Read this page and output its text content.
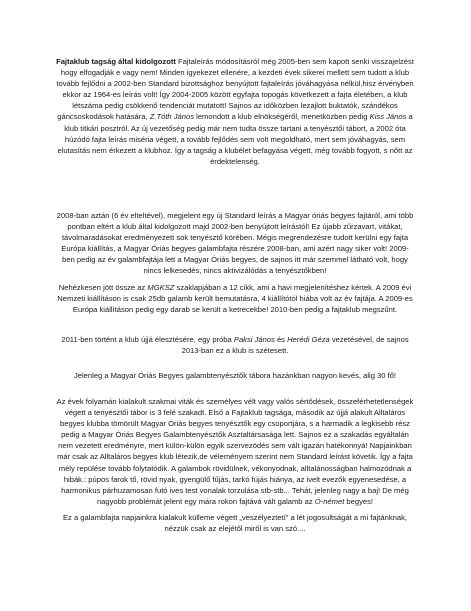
Fajtaklub tagság által kidolgozott Fajtaleírás módosításról még 2005-ben sem kapott senki visszajelzést hogy elfogadják e vagy nem! Minden igyekezet ellenére, a kezdeti évek sikerei mellett sem tudott a klub tovább fejlődni a 2002-ben Standard bizottsághoz benyújtott fajtaleírás jóváhagyása nélkül,hisz érvényben ekkor az 1964-es leírás volt! Így 2004-2005 között egyfajta topogás következett a fajta életében, a klub létszáma pedig csökkenő tendenciát mutatott! Sajnos az időközben lezajlott buktatók, szándékos gáncsoskodások hatására, Z.Tóth János lemondott a klub elnökségéről, menetközben pedig Kiss János a klub titkári posztról. Az új vezetőség pedig már nem tudta össze tartani a tenyésztői tábort, a 2002 óta húzódó fajta leírás miséria végett, a tovább fejlődés sem volt megoldható, mert sem jóváhagyás, sem elutasítás nem érkezett a klubhoz. Így a tagság a klubélet befagyása végett, még tovább fogyott, s nőtt az érdektelenség.

2008-ban aztán (6 év elteltével), megjelent egy új Standard leírás a Magyar óriás begyes fajtáról, ami több pontban eltért a klub által kidolgozott majd 2002-ben benyújtott leírástól! Ez újabb zűrzavart, vitákat, távolmaradásokat eredményezett sok tenyésztő körében. Mégis megrendezésre tudott kerülni egy fajta Európa kiállítás, a Magyar Óriás begyes galambfajta részére 2008-ban, ami azért nagy siker volt! 2009-ben pedig az év galambfajtája lett a Magyar Óriás begyes, de sajnos itt már szemmel látható volt, hogy nincs lelkesedés, nincs aktivizálódás a tenyésztőkben!

Nehézkesen jött össze az MGKSZ szaklapjában a 12 cikk, ami a havi megjelenítéshez kértek. A 2009 évi Nemzeti kiállításon is csak 25db galamb került bemutatásra, 4 kiállítótól hiába volt az év fajtája. A 2009-es Európa kiállításon pedig egy darab se került a ketrecekbe! 2010-ben pedig a fajtaklub megszűnt.

2011-ben történt a klub újjá élesztésére, egy próba Paksi János és Herédi Géza vezetésével, de sajnos 2013-ban ez a klub is szétesett.

Jelenleg a Magyar Óriás Begyes galambtenyésztők tábora hazánkban nagyon kevés, alig 30 fő!

Az évek folyamán kialakult szakmai viták és személyes vélt vagy valós sértődések, összeférhetetlenségek végett a tenyésztői tábor is 3 felé szakadt. Első a Fajtaklub tagsága, második az újjá alakult Alltaláros begyes klubba tömörült Magyar Óriás begyes tenyésztők egy csoportjára, s a harmadik a legkisebb rész pedig a Magyar Óriás Begyes Galambtenyésztők Asztaltársasága lett. Sajnos ez a szakadás egyáltalán nem vezetett eredményre, mert külön-külön egyik szervezödés sem vált igazán hatékonnyá! Napjainkban már csak az Alltaláros begyes klub létezik,de véleményem szerint nem Standard leírást követik. Így a fajta mély repülése tovább folytatódik. A galambok rövidülnek, vékonyodnak, alltalánosságban halmozódnak a hibák.: púpos farok tő, rövid nyak, gyengülő fűjás, tarkó fújás hiánya, az ivelt evezők egyenesedése, a harmonikus párhuzamosan futó ives test vonalak torzulása stb-stb... Tehát, jelenleg nagy a baj! De még nagyobb problémát jelent egy mára rokon fajtává vált galamb az Ó-német begyes!

Ez a galambfajta napjainkra kialakult külleme végett „veszélyeztetí” a lét jogosultságát a mi fajtánknak, nézzük csak az elejétől miről is van szó....
